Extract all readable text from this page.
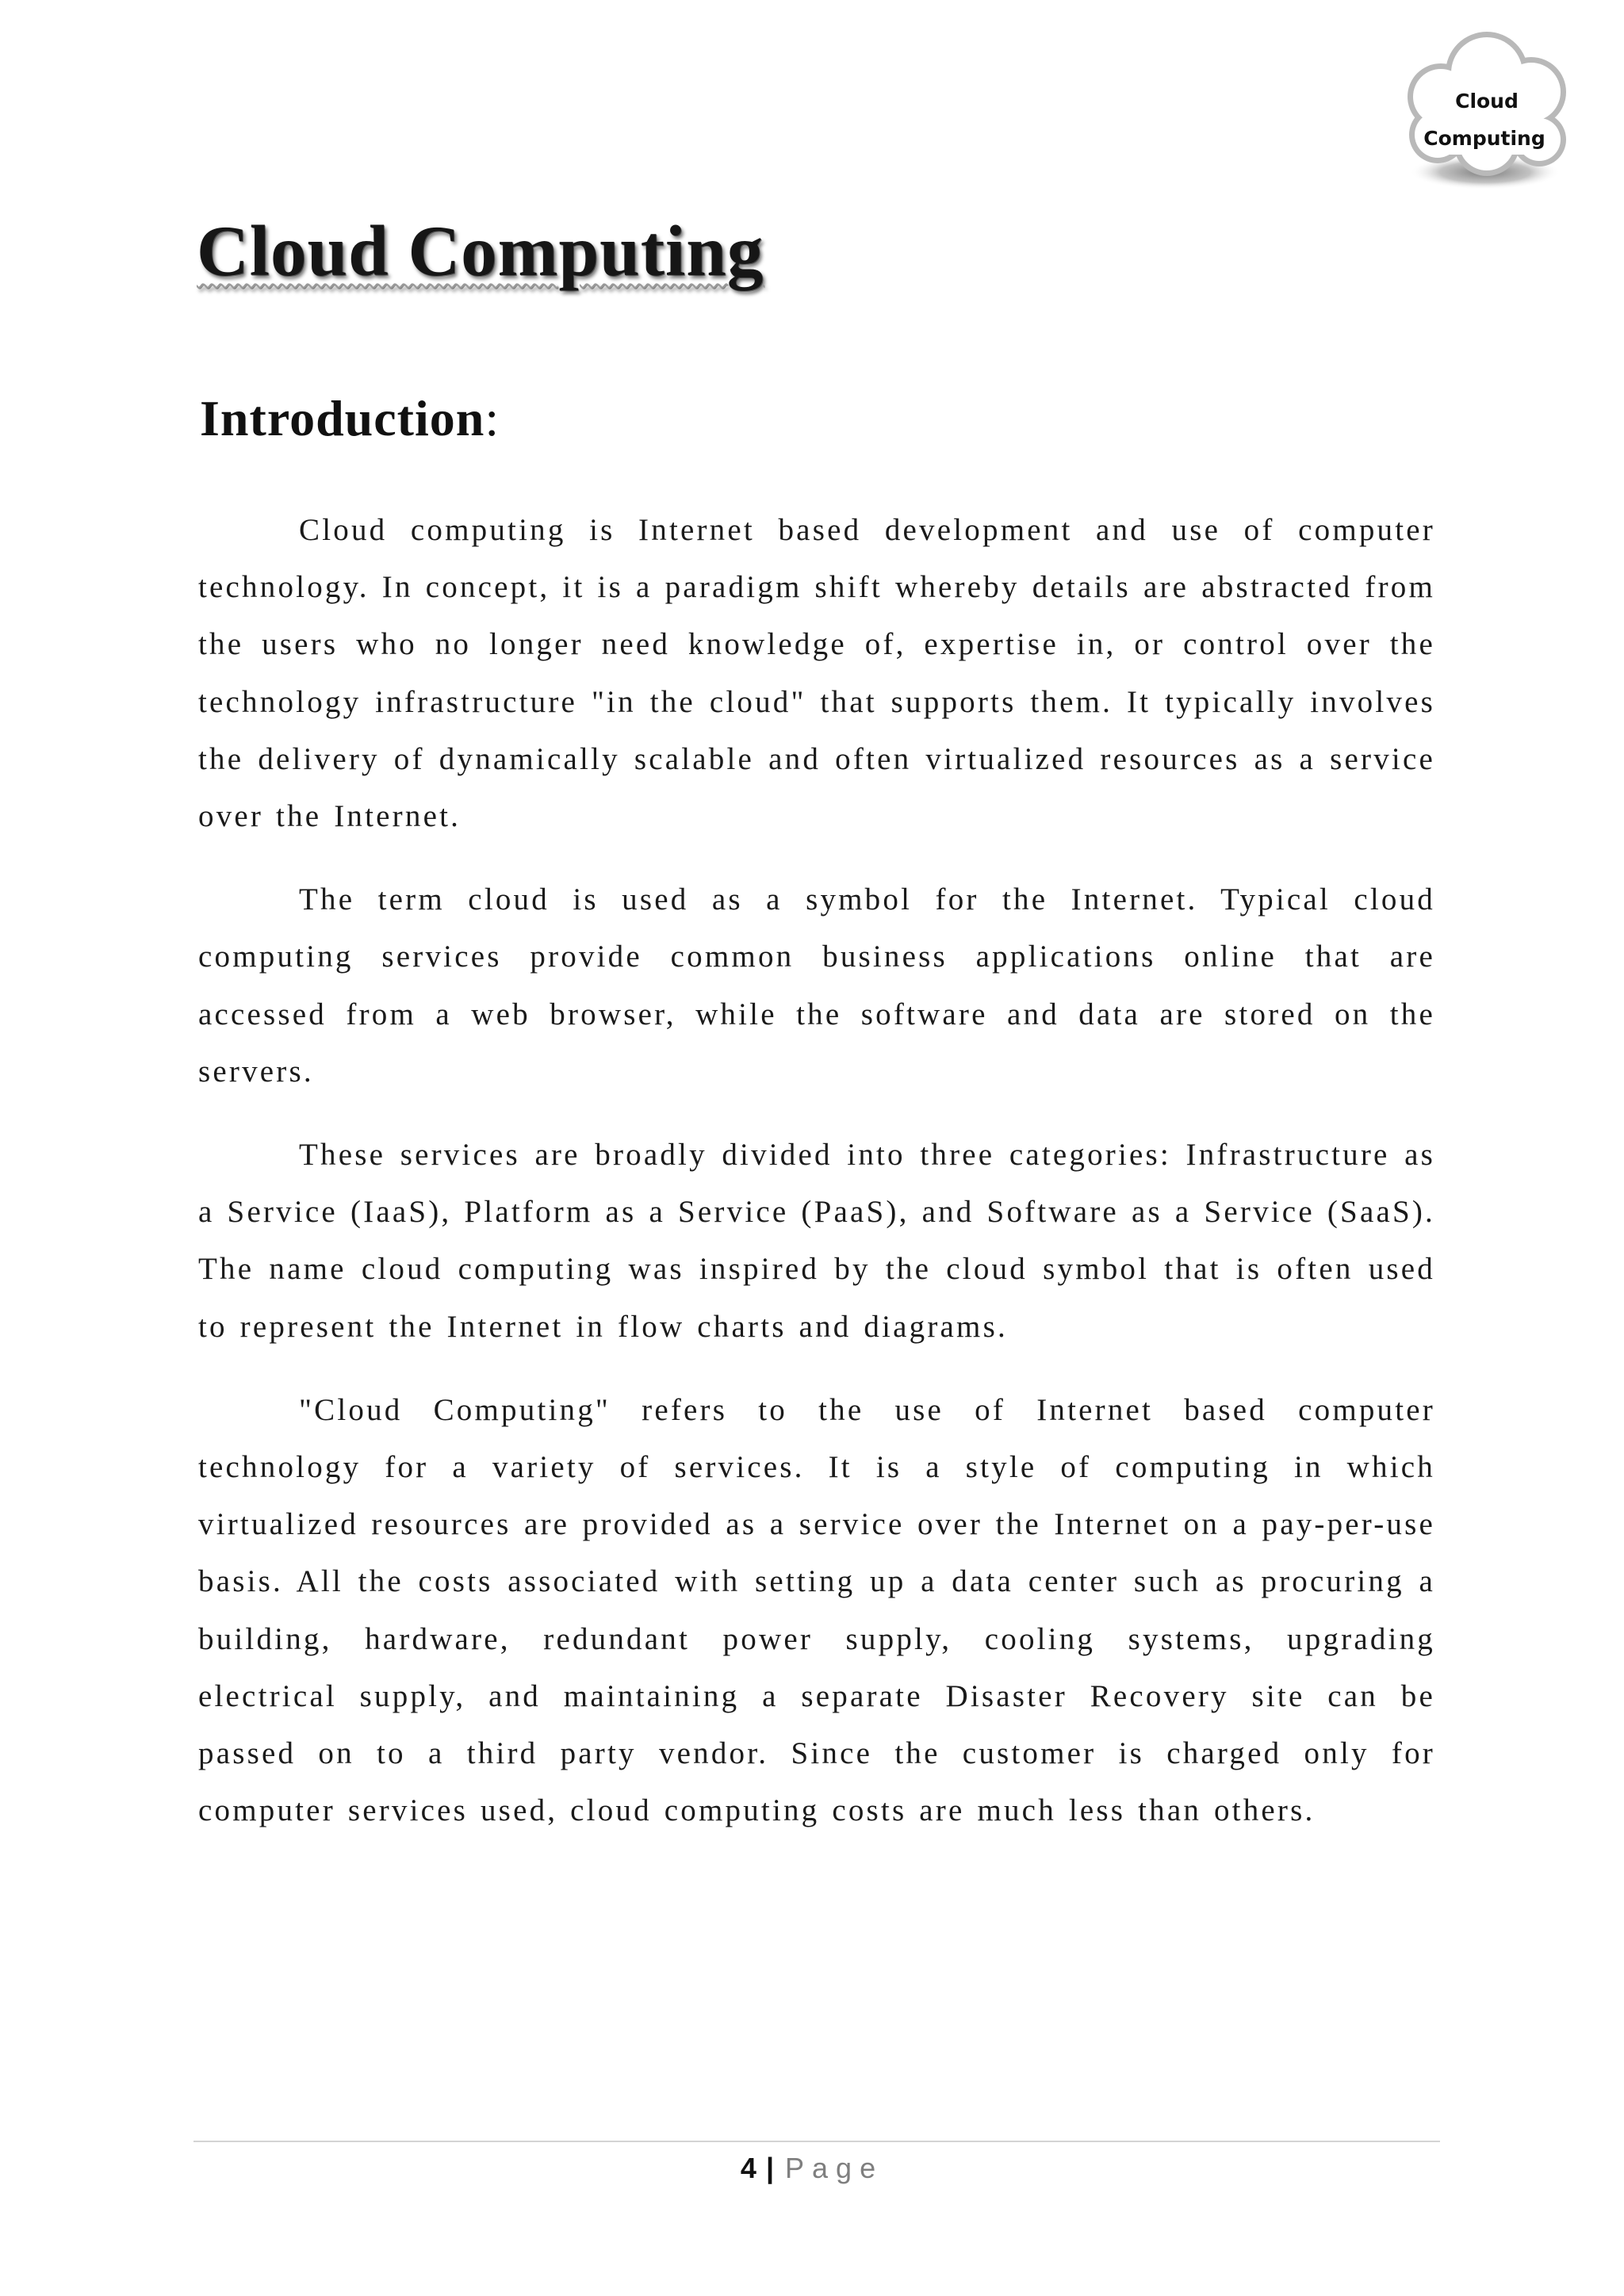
Cloud
Computing
Cloud Computing
Introduction:

Cloud computing is Internet based development and use of computer technology. In concept, it is a paradigm shift whereby details are abstracted from the users who no longer need knowledge of, expertise in, or control over the technology infrastructure "in the cloud" that supports them. It typically involves the delivery of dynamically scalable and often virtualized resources as a service over the Internet.

The term cloud is used as a symbol for the Internet. Typical cloud computing services provide common business applications online that are accessed from a web browser, while the software and data are stored on the servers.

These services are broadly divided into three categories: Infrastructure as a Service (IaaS), Platform as a Service (PaaS), and Software as a Service (SaaS). The name cloud computing was inspired by the cloud symbol that is often used to represent the Internet in flow charts and diagrams.

"Cloud Computing" refers to the use of Internet based computer technology for a variety of services. It is a style of computing in which virtualized resources are provided as a service over the Internet on a pay-per-use basis. All the costs associated with setting up a data center such as procuring a building, hardware, redundant power supply, cooling systems, upgrading electrical supply, and maintaining a separate Disaster Recovery site can be passed on to a third party vendor. Since the customer is charged only for computer services used, cloud computing costs are much less than others.

4 | Page
